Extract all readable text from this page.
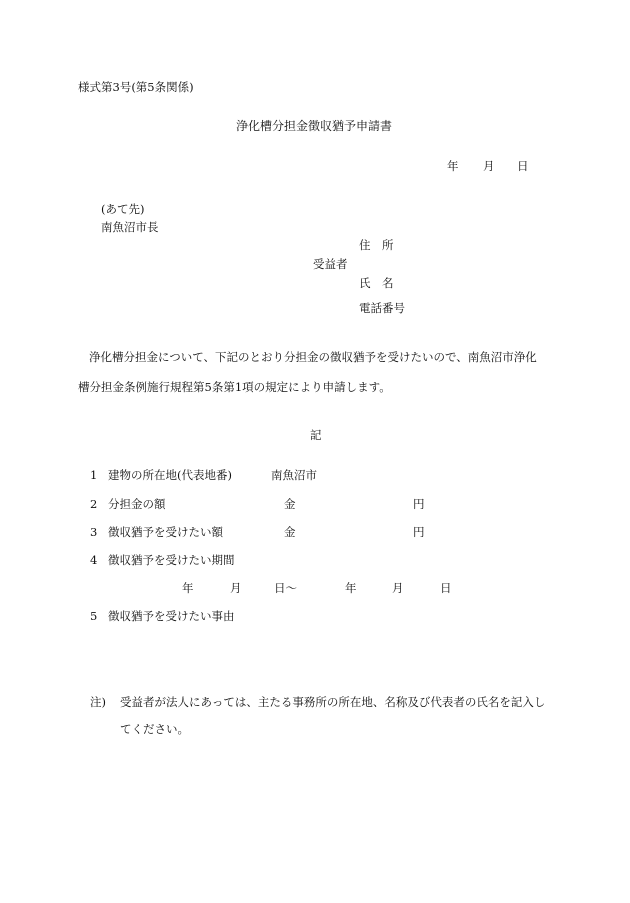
様式第3号(第5条関係)
浄化槽分担金徴収猶予申請書
年 月 日
(あて先)
南魚沼市長
住　所
受益者
氏　名
電話番号
浄化槽分担金について、下記のとおり分担金の徴収猶予を受けたいので、南魚沼市浄化
槽分担金条例施行規程第5条第1項の規定により申請します。
記
1 建物の所在地(代表地番)	南魚沼市
2 分担金の額	金	円
3 徴収猶予を受けたい額	金	円
4 徴収猶予を受けたい期間
年	月	日〜	年	月	日
5 徴収猶予を受けたい事由
注) 受益者が法人にあっては、主たる事務所の所在地、名称及び代表者の氏名を記入し
てください。
